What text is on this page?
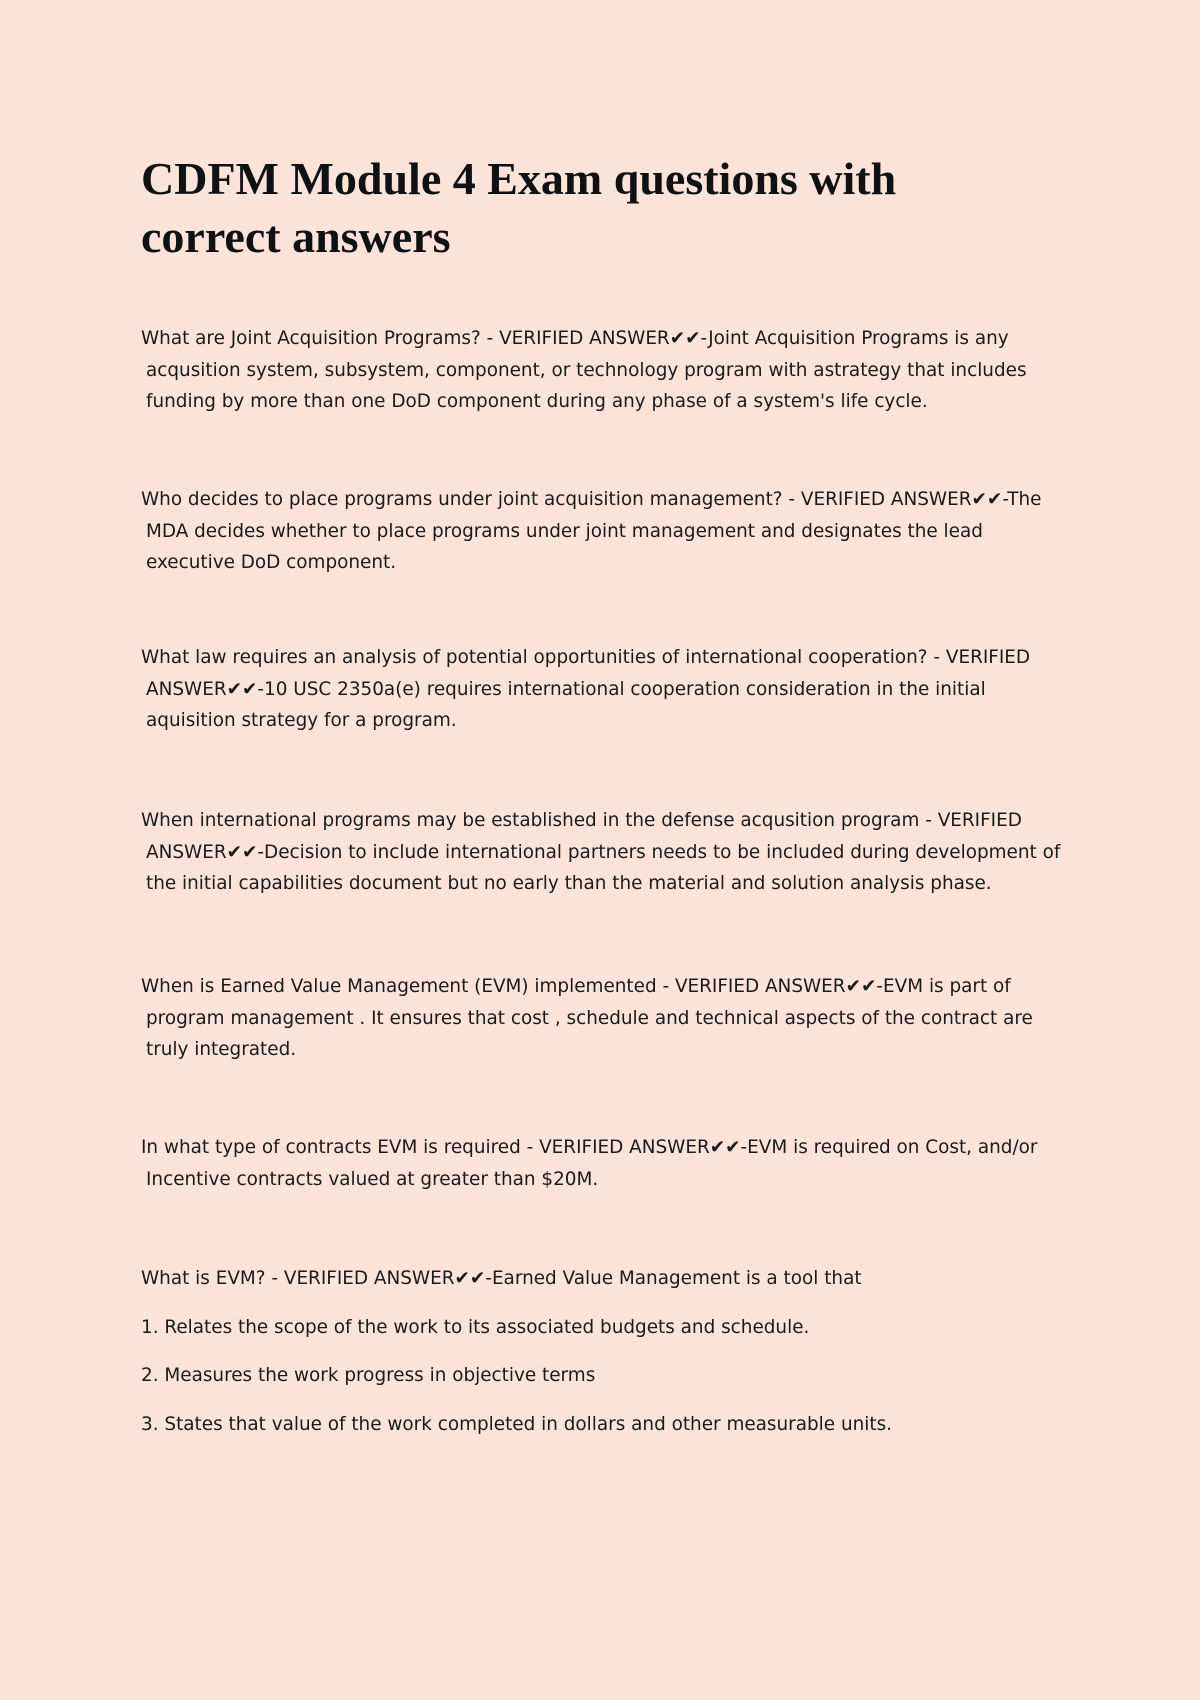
CDFM Module 4 Exam questions with correct answers

What are Joint Acquisition Programs? - VERIFIED ANSWER✔✔-Joint Acquisition Programs is any acqusition system, subsystem, component, or technology program with astrategy that includes funding by more than one DoD component during any phase of a system's life cycle.

Who decides to place programs under joint acquisition management? - VERIFIED ANSWER✔✔-The MDA decides whether to place programs under joint management and designates the lead executive DoD component.

What law requires an analysis of potential opportunities of international cooperation? - VERIFIED ANSWER✔✔-10 USC 2350a(e) requires international cooperation consideration in the initial aquisition strategy for a program.

When international programs may be established in the defense acqusition program - VERIFIED ANSWER✔✔-Decision to include international partners needs to be included during development of the initial capabilities document but no early than the material and solution analysis phase.

When is Earned Value Management (EVM) implemented - VERIFIED ANSWER✔✔-EVM is part of program management . It ensures that cost , schedule and technical aspects of the contract are truly integrated.

In what type of contracts EVM is required - VERIFIED ANSWER✔✔-EVM is required on Cost, and/or Incentive contracts valued at greater than $20M.

What is EVM? - VERIFIED ANSWER✔✔-Earned Value Management is a tool that

1. Relates the scope of the work to its associated budgets and schedule.

2. Measures the work progress in objective terms

3. States that value of the work completed in dollars and other measurable units.
